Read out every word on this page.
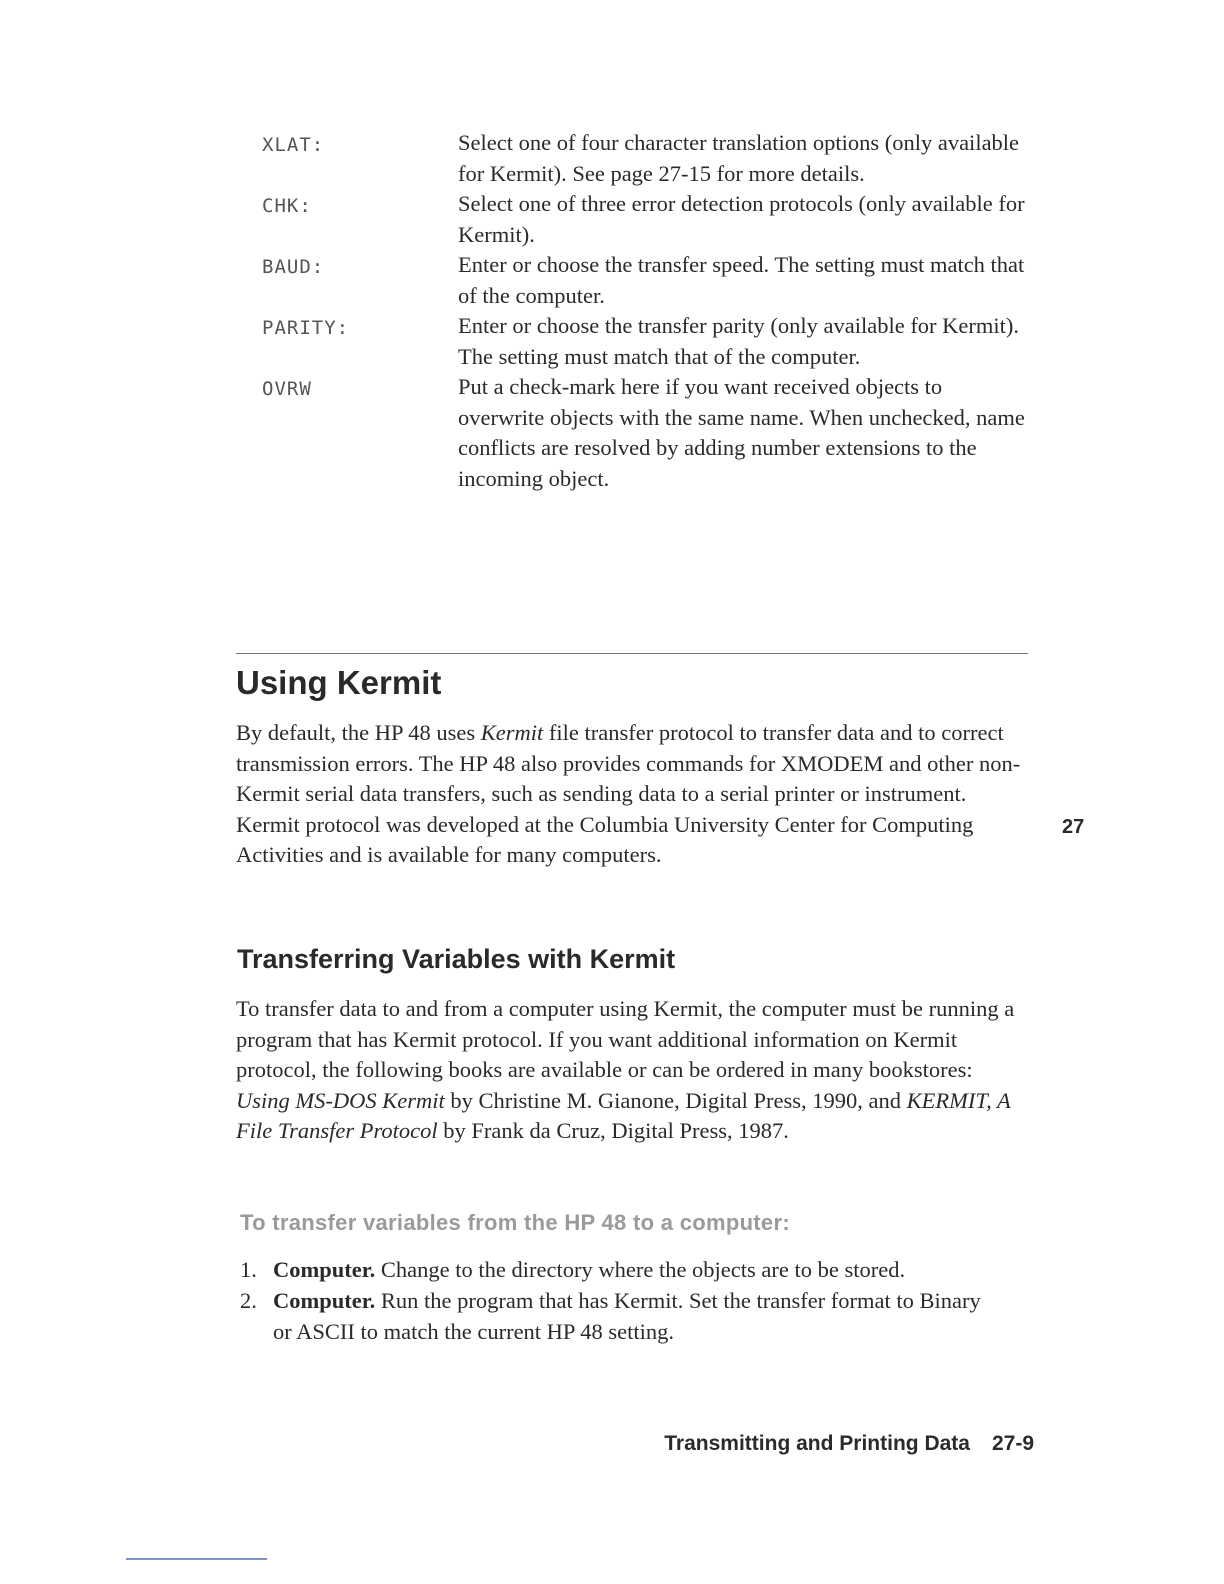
XLAT:	Select one of four character translation options (only available for Kermit). See page 27-15 for more details.
CHK:	Select one of three error detection protocols (only available for Kermit).
BAUD:	Enter or choose the transfer speed. The setting must match that of the computer.
PARITY:	Enter or choose the transfer parity (only available for Kermit). The setting must match that of the computer.
OVRW	Put a check-mark here if you want received objects to overwrite objects with the same name. When unchecked, name conflicts are resolved by adding number extensions to the incoming object.
Using Kermit

By default, the HP 48 uses Kermit file transfer protocol to transfer data and to correct transmission errors. The HP 48 also provides commands for XMODEM and other non-Kermit serial data transfers, such as sending data to a serial printer or instrument. Kermit protocol was developed at the Columbia University Center for Computing Activities and is available for many computers.

Transferring Variables with Kermit

To transfer data to and from a computer using Kermit, the computer must be running a program that has Kermit protocol. If you want additional information on Kermit protocol, the following books are available or can be ordered in many bookstores: Using MS-DOS Kermit by Christine M. Gianone, Digital Press, 1990, and KERMIT, A File Transfer Protocol by Frank da Cruz, Digital Press, 1987.

To transfer variables from the HP 48 to a computer:
1. Computer. Change to the directory where the objects are to be stored.
2. Computer. Run the program that has Kermit. Set the transfer format to Binary or ASCII to match the current HP 48 setting.
27
Transmitting and Printing Data 27-9
